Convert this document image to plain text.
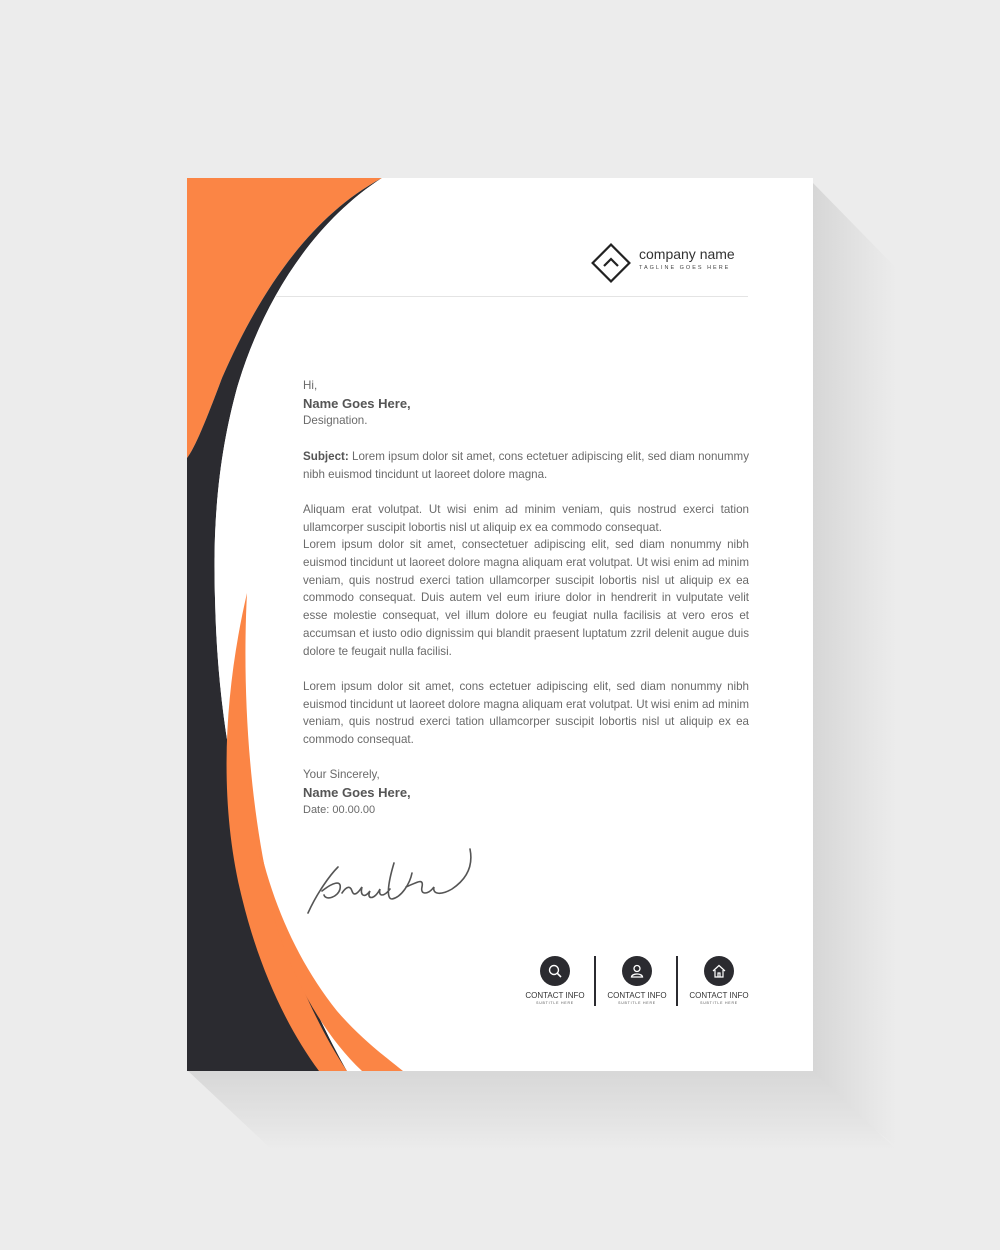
company name
TAGLINE GOES HERE

Hi,

Name Goes Here,

Designation.

Subject: Lorem ipsum dolor sit amet, cons ectetuer adipiscing elit, sed diam nonummy nibh euismod tincidunt ut laoreet dolore magna.

Aliquam erat volutpat. Ut wisi enim ad minim veniam, quis nostrud exerci tation ullamcorper suscipit lobortis nisl ut aliquip ex ea commodo consequat.

Lorem ipsum dolor sit amet, consectetuer adipiscing elit, sed diam nonummy nibh euismod tincidunt ut laoreet dolore magna aliquam erat volutpat. Ut wisi enim ad minim veniam, quis nostrud exerci tation ullamcorper suscipit lobortis nisl ut aliquip ex ea commodo consequat. Duis autem vel eum iriure dolor in hendrerit in vulputate velit esse molestie consequat, vel illum dolore eu feugiat nulla facilisis at vero eros et accumsan et iusto odio dignissim qui blandit praesent luptatum zzril delenit augue duis dolore te feugait nulla facilisi.

Lorem ipsum dolor sit amet, cons ectetuer adipiscing elit, sed diam nonummy nibh euismod tincidunt ut laoreet dolore magna aliquam erat volutpat. Ut wisi enim ad minim veniam, quis nostrud exerci tation ullamcorper suscipit lobortis nisl ut aliquip ex ea commodo consequat.

Your Sincerely,

Name Goes Here,

Date: 00.00.00

CONTACT INFO
SUBTITLE HERE
CONTACT INFO
SUBTITLE HERE
CONTACT INFO
SUBTITLE HERE
